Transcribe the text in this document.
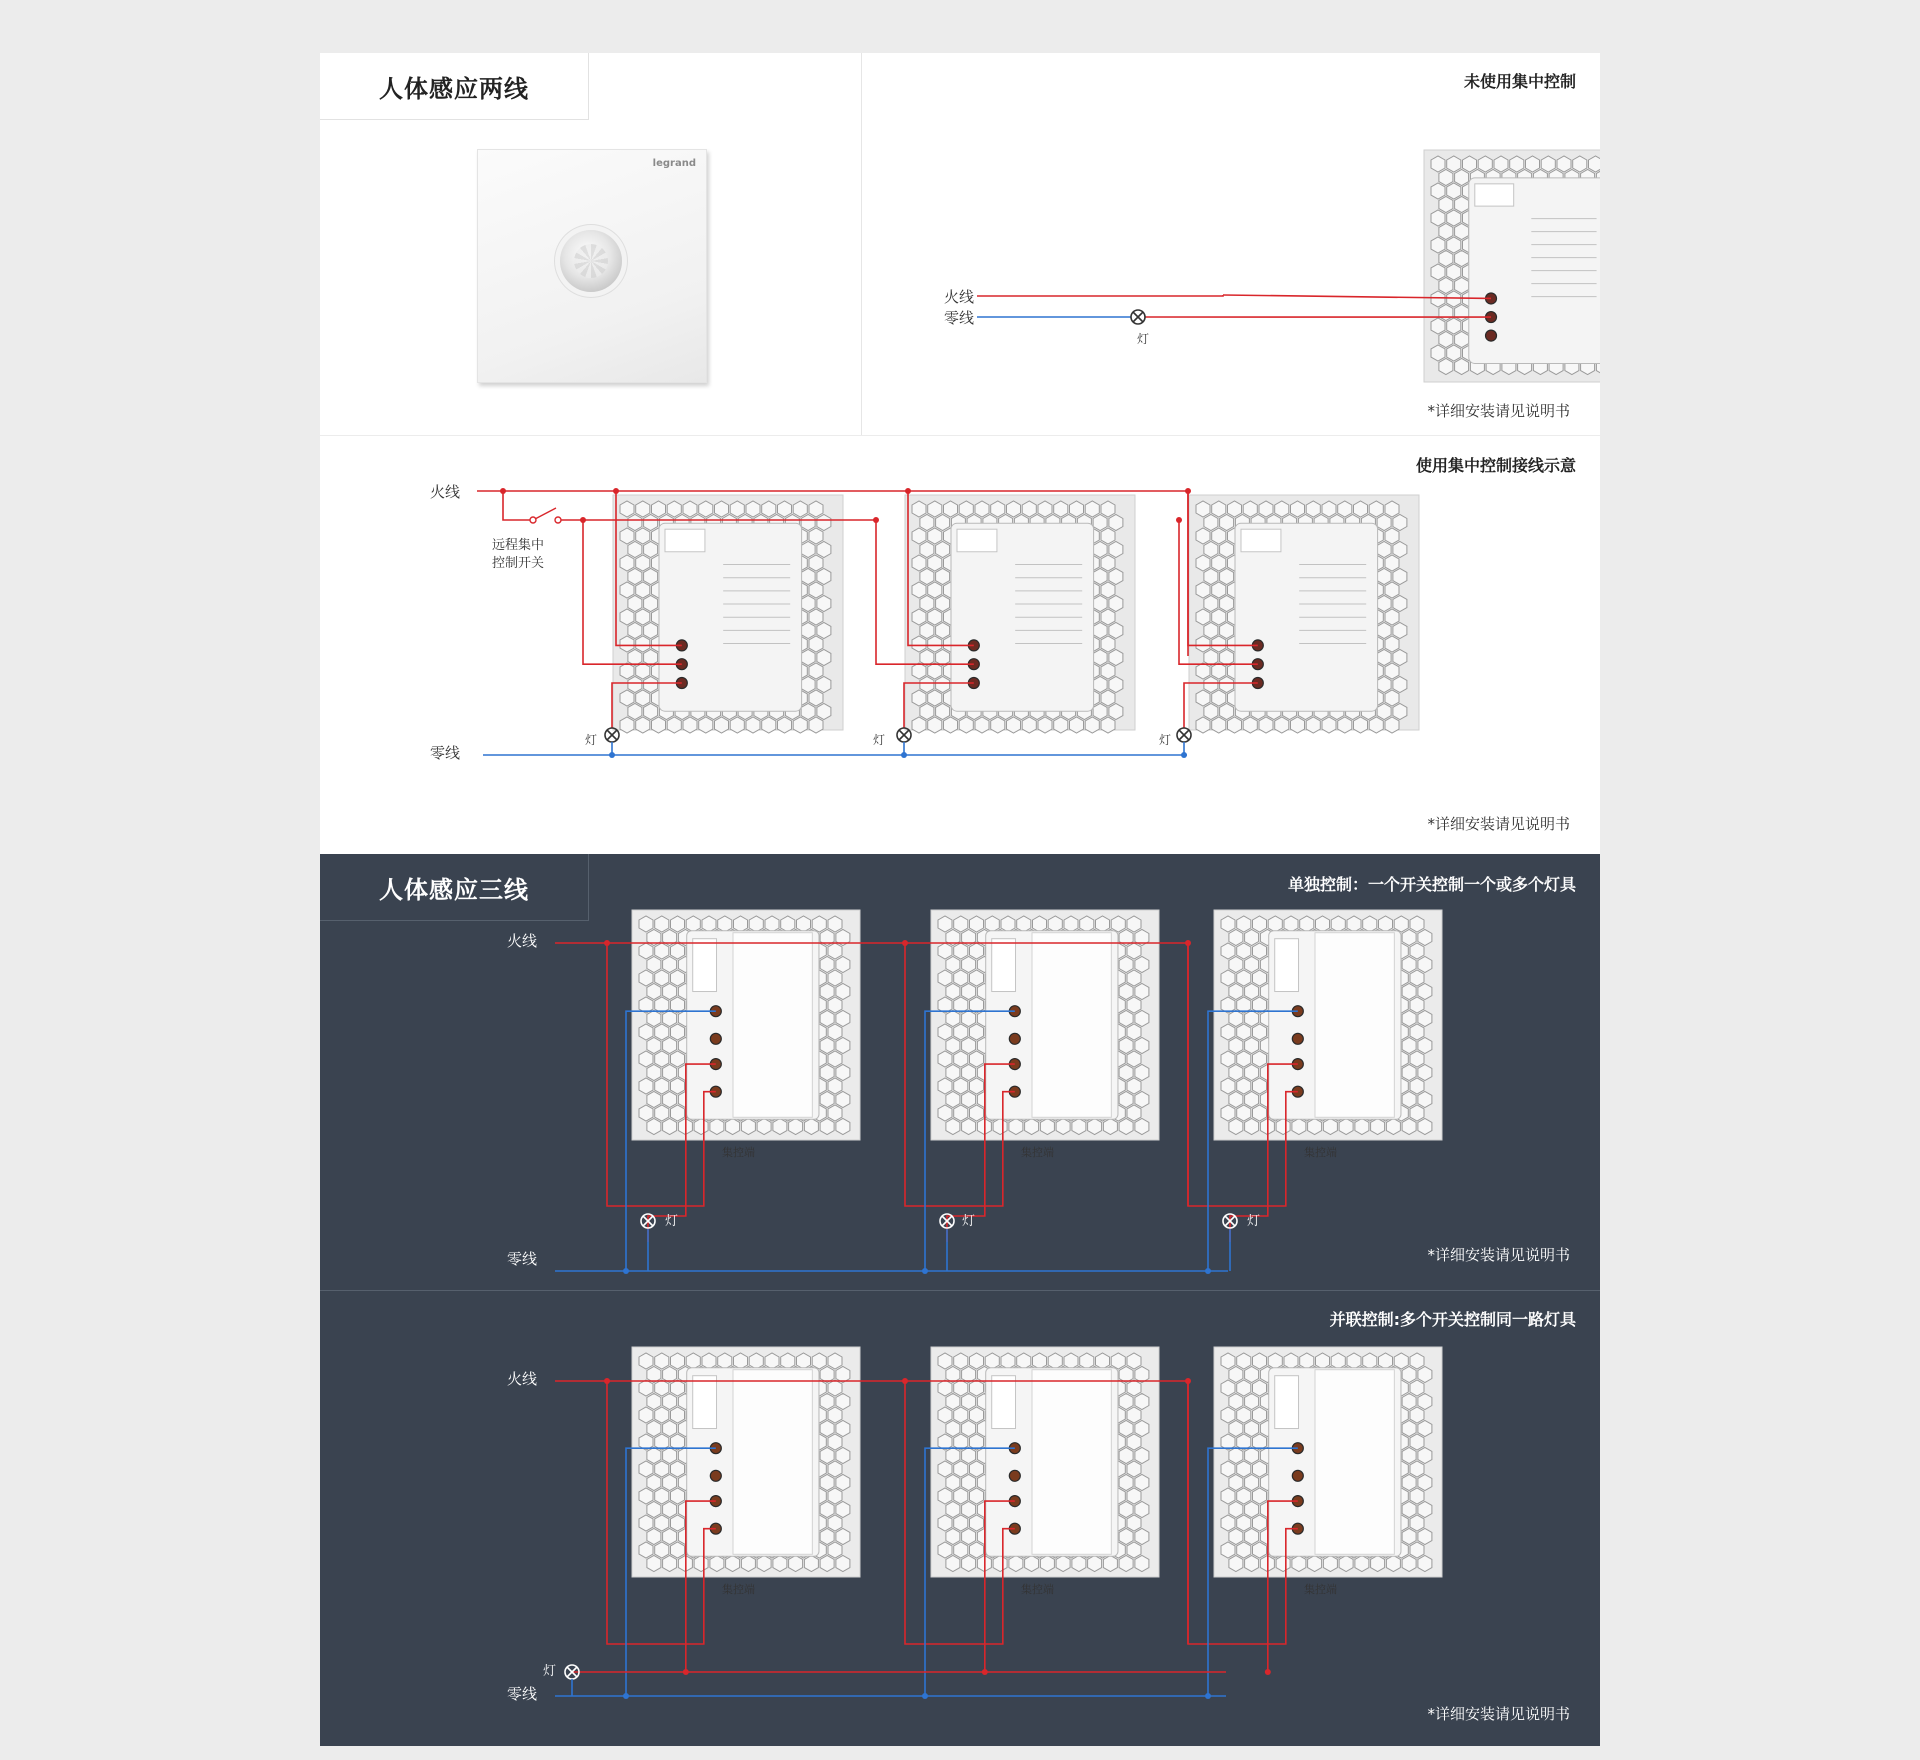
人体感应两线
legrand
未使用集中控制
*详细安装请见说明书
火线
零线
灯
使用集中控制接线示意
*详细安装请见说明书
火线
零线
远程集中
控制开关
灯	灯	灯
人体感应三线	单独控制：一个开关控制一个或多个灯具
*详细安装请见说明书
火线
零线
集控端	集控端	集控端
灯	灯	灯
并联控制:多个开关控制同一路灯具
*详细安装请见说明书
火线
零线
集控端	集控端	集控端
灯
